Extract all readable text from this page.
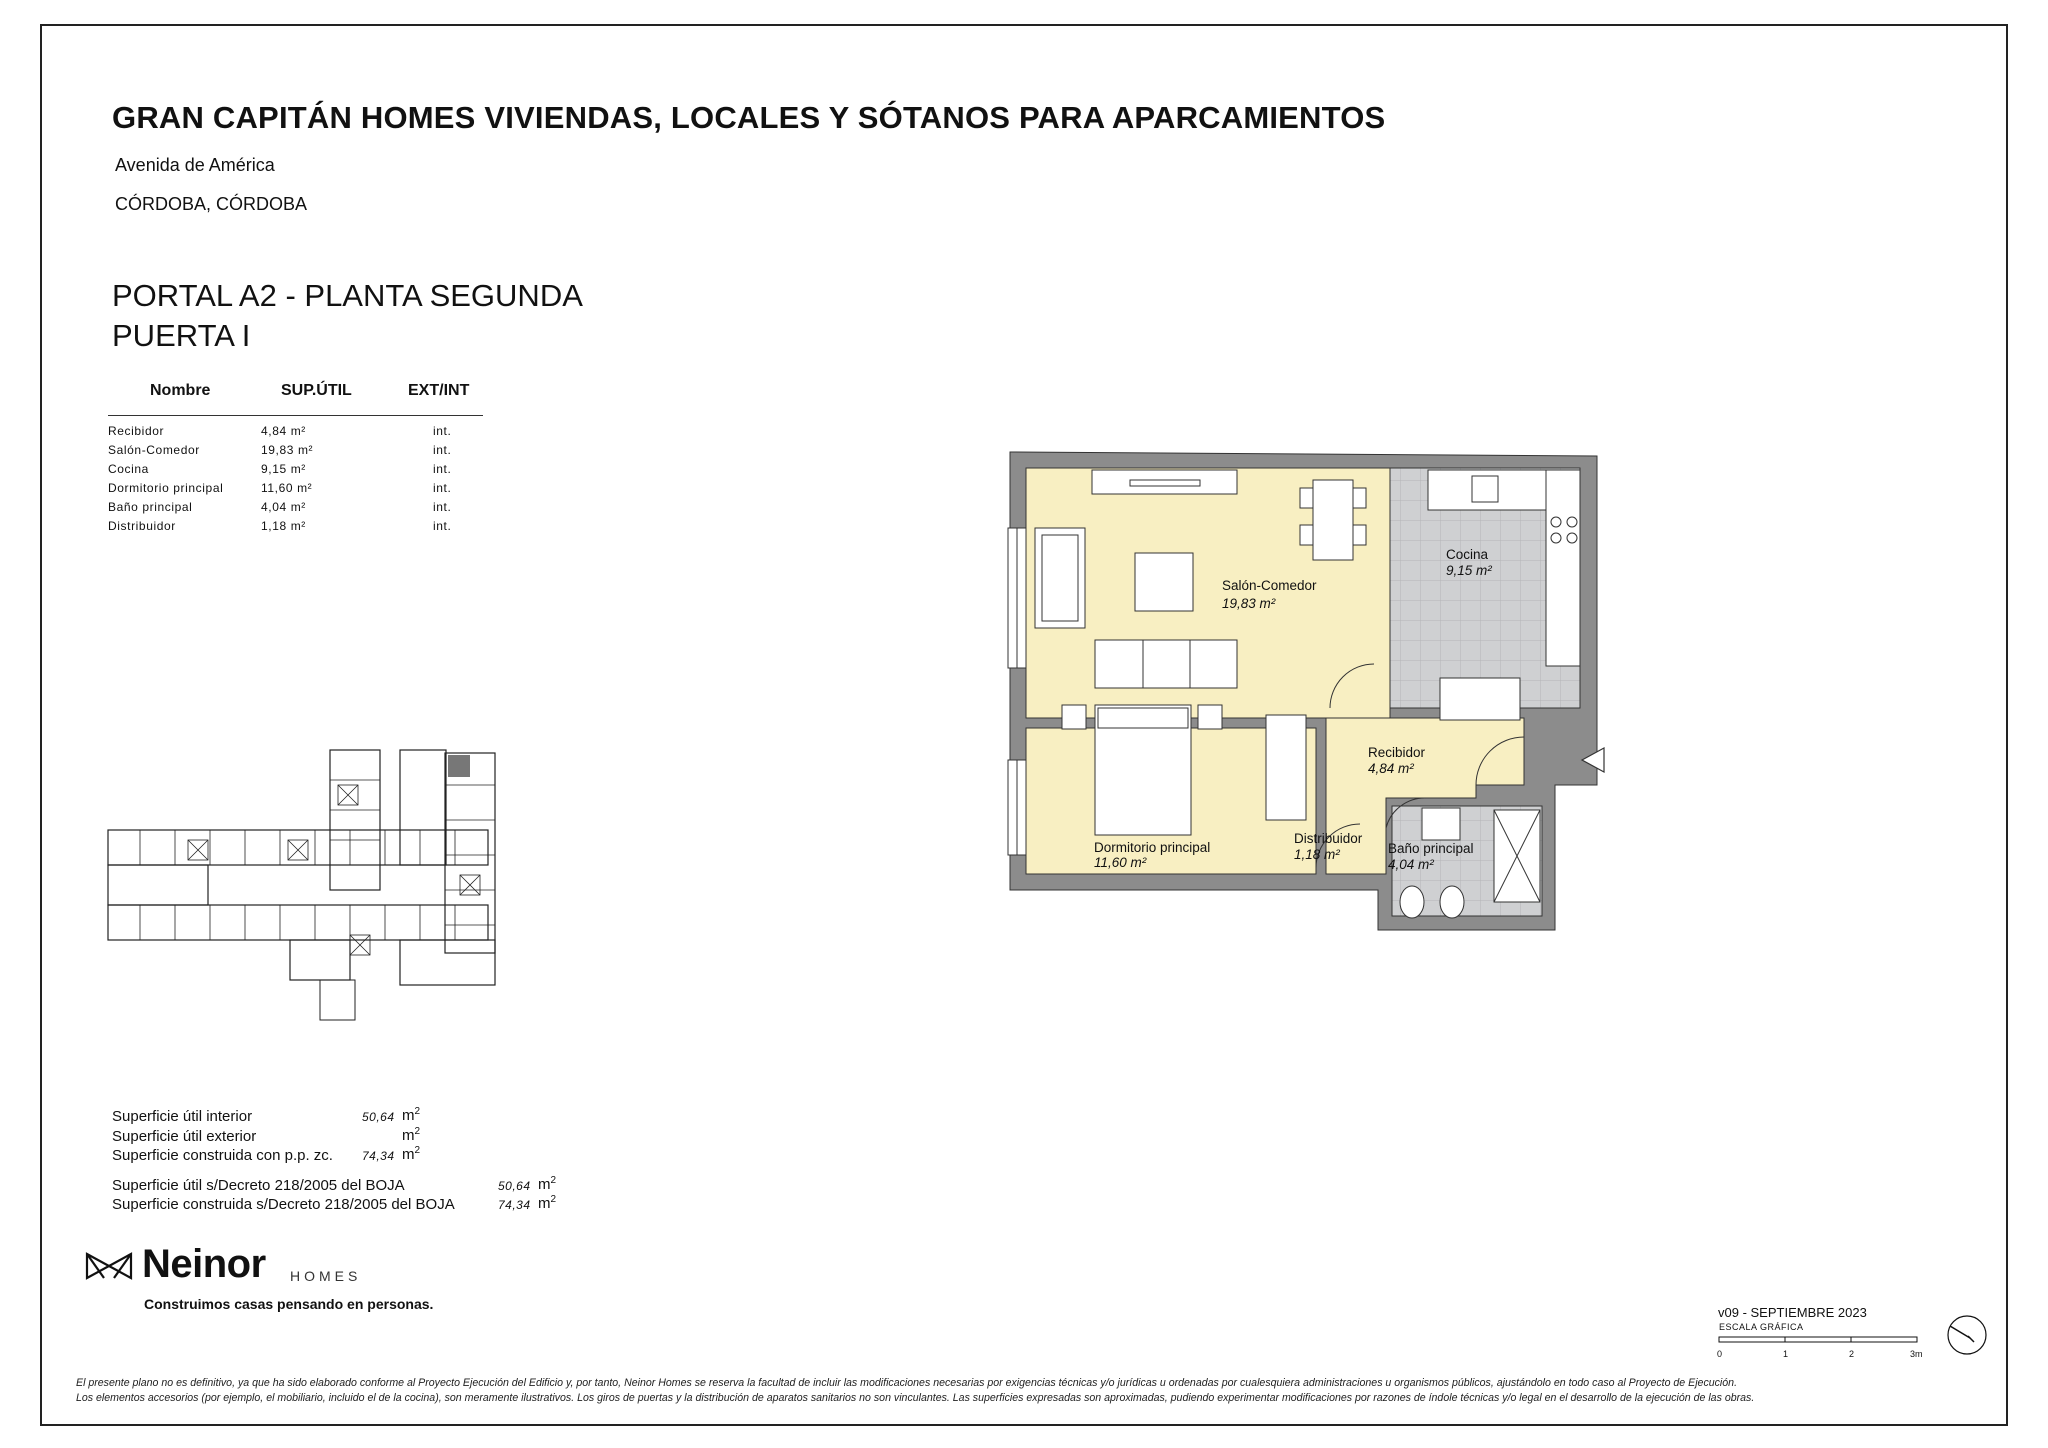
GRAN CAPITÁN HOMES VIVIENDAS, LOCALES Y SÓTANOS PARA APARCAMIENTOS
Avenida de América
CÓRDOBA, CÓRDOBA
PORTAL A2 - PLANTA SEGUNDA
PUERTA I
Nombre	SUP.ÚTIL	EXT/INT
Recibidor	4,84 m²	int.
Salón-Comedor	19,83 m²	int.
Cocina	9,15 m²	int.
Dormitorio principal	11,60 m²	int.
Baño principal	4,04 m²	int.
Distribuidor	1,18 m²	int.
Superficie útil interior	50,64 $m^2$
Superficie útil exterior	$m^2$
Superficie construida con p.p. zc. 74,34 $m^2$
Superficie útil s/Decreto 218/2005 del BOJA	50,64 $m^2$
Superficie construida s/Decreto 218/2005 del BOJA	74,34 $m^2$
Salón-Comedor
19,83 m²
Cocina
9,15 m²
Recibidor
4,84 m²
Dormitorio principal
11,60 m²
Distribuidor
1,18 m²	Baño principal
4,04 m²
Neinor HOMES
Construimos casas pensando en personas.
v09 - SEPTIEMBRE 2023
ESCALA GRÁFICA
0	1	2	3m
El presente plano no es definitivo, ya que ha sido elaborado conforme al Proyecto Ejecución del Edificio y, por tanto, Neinor Homes se reserva la facultad de incluir las modificaciones necesarias por exigencias técnicas y/o jurídicas u ordenadas por cualesquiera administraciones u organismos públicos, ajustándolo en todo caso al Proyecto de Ejecución.
Los elementos accesorios (por ejemplo, el mobiliario, incluido el de la cocina), son meramente ilustrativos. Los giros de puertas y la distribución de aparatos sanitarios no son vinculantes. Las superficies expresadas son aproximadas, pudiendo experimentar modificaciones por razones de índole técnicas y/o legal en el desarrollo de la ejecución de las obras.
